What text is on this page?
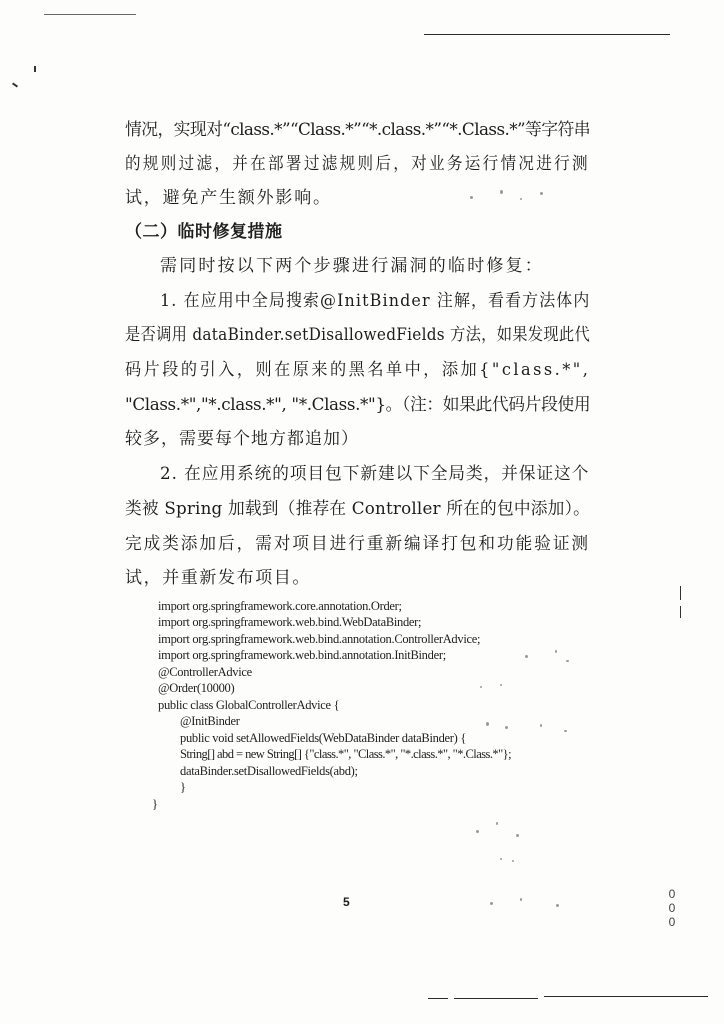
情况，实现对“class.*”“Class.*”“*.class.*”“*.Class.*”等字符串
的规则过滤，并在部署过滤规则后，对业务运行情况进行测
试，避免产生额外影响。
（二）临时修复措施
需同时按以下两个步骤进行漏洞的临时修复：
1. 在应用中全局搜索@InitBinder 注解，看看方法体内
是否调用 dataBinder.setDisallowedFields 方法，如果发现此代
码片段的引入，则在原来的黑名单中，添加{"class.*",
"Class.*","*.class.*", "*.Class.*"}。（注：如果此代码片段使用
较多，需要每个地方都追加）
2. 在应用系统的项目包下新建以下全局类，并保证这个
类被 Spring 加载到（推荐在 Controller 所在的包中添加）。
完成类添加后，需对项目进行重新编译打包和功能验证测
试，并重新发布项目。
import org.springframework.core.annotation.Order;
import org.springframework.web.bind.WebDataBinder;
import org.springframework.web.bind.annotation.ControllerAdvice;
import org.springframework.web.bind.annotation.InitBinder;
@ControllerAdvice
@Order(10000)
public class GlobalControllerAdvice {
@InitBinder
public void setAllowedFields(WebDataBinder dataBinder) {
String[] abd = new String[] {"class.*", "Class.*", "*.class.*", "*.Class.*"};
dataBinder.setDisallowedFields(abd);
}
}
5
0
0
0
